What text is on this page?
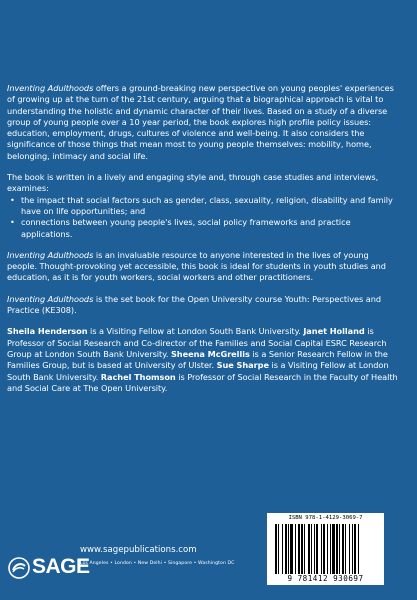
Inventing Adulthoods offers a ground-breaking new perspective on young peoples' experiences of growing up at the turn of the 21st century, arguing that a biographical approach is vital to understanding the holistic and dynamic character of their lives. Based on a study of a diverse group of young people over a 10 year period, the book explores high profile policy issues: education, employment, drugs, cultures of violence and well-being. It also considers the significance of those things that mean most to young people themselves: mobility, home, belonging, intimacy and social life.

The book is written in a lively and engaging style and, through case studies and interviews, examines:

• the impact that social factors such as gender, class, sexuality, religion, disability and family have on life opportunities; and
• connections between young people's lives, social policy frameworks and practice applications.

Inventing Adulthoods is an invaluable resource to anyone interested in the lives of young people. Thought-provoking yet accessible, this book is ideal for students in youth studies and education, as it is for youth workers, social workers and other practitioners.

Inventing Adulthoods is the set book for the Open University course Youth: Perspectives and Practice (KE308).

Sheila Henderson is a Visiting Fellow at London South Bank University. Janet Holland is Professor of Social Research and Co-director of the Families and Social Capital ESRC Research Group at London South Bank University. Sheena McGrellis is a Senior Research Fellow in the Families Group, but is based at University of Ulster. Sue Sharpe is a Visiting Fellow at London South Bank University. Rachel Thomson is Professor of Social Research in the Faculty of Health and Social Care at The Open University.

ISBN 978-1-4129-3069-7
9 781412 930697
www.sagepublications.com
SAGE
Los Angeles • London • New Delhi • Singapore • Washington DC
